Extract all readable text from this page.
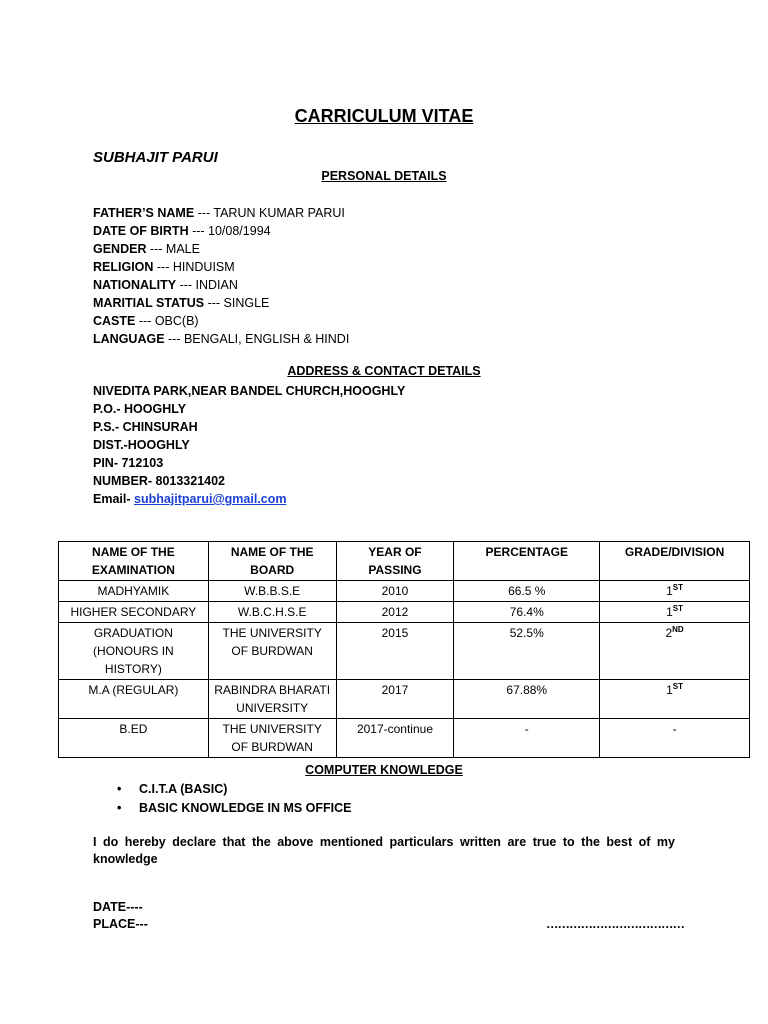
CARRICULUM VITAE
SUBHAJIT PARUI
PERSONAL DETAILS
FATHER’S NAME --- TARUN KUMAR PARUI
DATE OF BIRTH --- 10/08/1994
GENDER --- MALE
RELIGION --- HINDUISM
NATIONALITY --- INDIAN
MARITIAL STATUS --- SINGLE
CASTE --- OBC(B)
LANGUAGE --- BENGALI, ENGLISH & HINDI
ADDRESS & CONTACT DETAILS
NIVEDITA PARK,NEAR BANDEL CHURCH,HOOGHLY
P.O.- HOOGHLY
P.S.- CHINSURAH
DIST.-HOOGHLY
PIN- 712103
NUMBER- 8013321402
Email- subhajitparui@gmail.com
NAME OF THE EXAMINATION	NAME OF THE BOARD	YEAR OF PASSING	PERCENTAGE	GRADE/DIVISION
MADHYAMIK	W.B.B.S.E	2010	66.5 %	1ST
HIGHER SECONDARY	W.B.C.H.S.E	2012	76.4%	1ST
GRADUATION (HONOURS IN HISTORY)	THE UNIVERSITY OF BURDWAN	2015	52.5%	2ND
M.A (REGULAR)	RABINDRA BHARATI UNIVERSITY	2017	67.88%	1ST
B.ED	THE UNIVERSITY OF BURDWAN	2017-continue	-	-
COMPUTER KNOWLEDGE
• C.I.T.A (BASIC)
• BASIC KNOWLEDGE IN MS OFFICE
I do hereby declare that the above mentioned particulars written are true to the best of my knowledge
DATE----
PLACE---	………………………………
